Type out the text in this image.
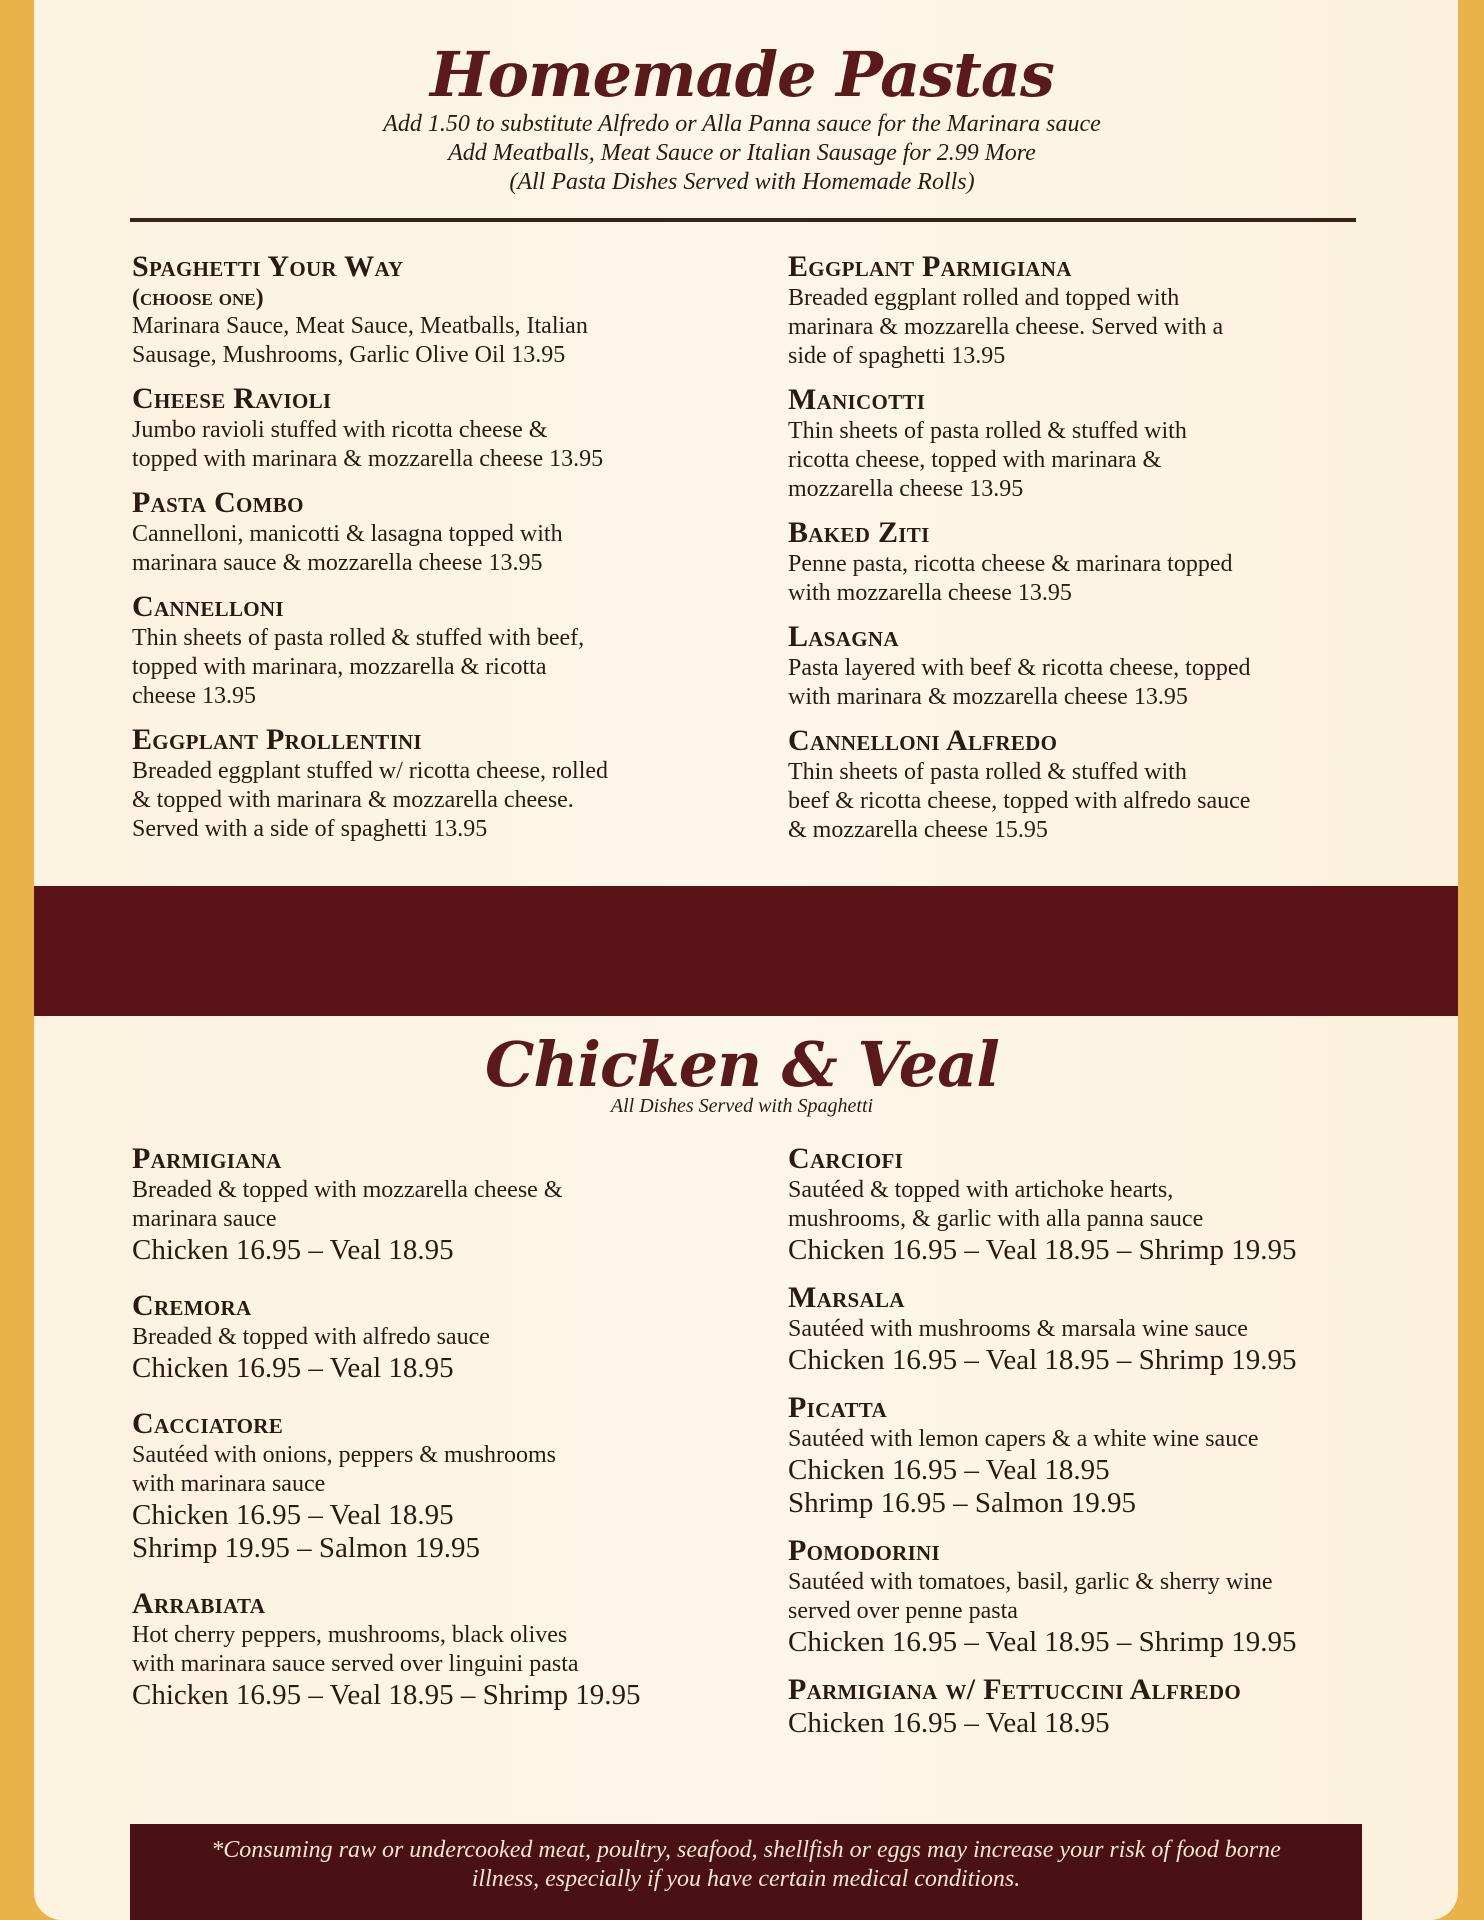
Homemade Pastas
Add 1.50 to substitute Alfredo or Alla Panna sauce for the Marinara sauce
Add Meatballs, Meat Sauce or Italian Sausage for 2.99 More
(All Pasta Dishes Served with Homemade Rolls)
Spaghetti Your Way
(choose one)
Marinara Sauce, Meat Sauce, Meatballs, Italian
Sausage, Mushrooms, Garlic Olive Oil 13.95
Cheese Ravioli
Jumbo ravioli stuffed with ricotta cheese &
topped with marinara & mozzarella cheese 13.95
Pasta Combo
Cannelloni, manicotti & lasagna topped with
marinara sauce & mozzarella cheese 13.95
Cannelloni
Thin sheets of pasta rolled & stuffed with beef,
topped with marinara, mozzarella & ricotta
cheese 13.95
Eggplant Prollentini
Breaded eggplant stuffed w/ ricotta cheese, rolled
& topped with marinara & mozzarella cheese.
Served with a side of spaghetti 13.95
Eggplant Parmigiana
Breaded eggplant rolled and topped with
marinara & mozzarella cheese. Served with a
side of spaghetti 13.95
Manicotti
Thin sheets of pasta rolled & stuffed with
ricotta cheese, topped with marinara &
mozzarella cheese 13.95
Baked Ziti
Penne pasta, ricotta cheese & marinara topped
with mozzarella cheese 13.95
Lasagna
Pasta layered with beef & ricotta cheese, topped
with marinara & mozzarella cheese 13.95
Cannelloni Alfredo
Thin sheets of pasta rolled & stuffed with
beef & ricotta cheese, topped with alfredo sauce
& mozzarella cheese 15.95
Chicken & Veal
All Dishes Served with Spaghetti
Parmigiana
Breaded & topped with mozzarella cheese &
marinara sauce
Chicken 16.95 – Veal 18.95
Cremora
Breaded & topped with alfredo sauce
Chicken 16.95 – Veal 18.95
Cacciatore
Sautéed with onions, peppers & mushrooms
with marinara sauce
Chicken 16.95 – Veal 18.95
Shrimp 19.95 – Salmon 19.95
Arrabiata
Hot cherry peppers, mushrooms, black olives
with marinara sauce served over linguini pasta
Chicken 16.95 – Veal 18.95 – Shrimp 19.95
Carciofi
Sautéed & topped with artichoke hearts,
mushrooms, & garlic with alla panna sauce
Chicken 16.95 – Veal 18.95 – Shrimp 19.95
Marsala
Sautéed with mushrooms & marsala wine sauce
Chicken 16.95 – Veal 18.95 – Shrimp 19.95
Picatta
Sautéed with lemon capers & a white wine sauce
Chicken 16.95 – Veal 18.95
Shrimp 16.95 – Salmon 19.95
Pomodorini
Sautéed with tomatoes, basil, garlic & sherry wine
served over penne pasta
Chicken 16.95 – Veal 18.95 – Shrimp 19.95
Parmigiana w/ Fettuccini Alfredo
Chicken 16.95 – Veal 18.95
*Consuming raw or undercooked meat, poultry, seafood, shellfish or eggs may increase your risk of food borne
illness, especially if you have certain medical conditions.
